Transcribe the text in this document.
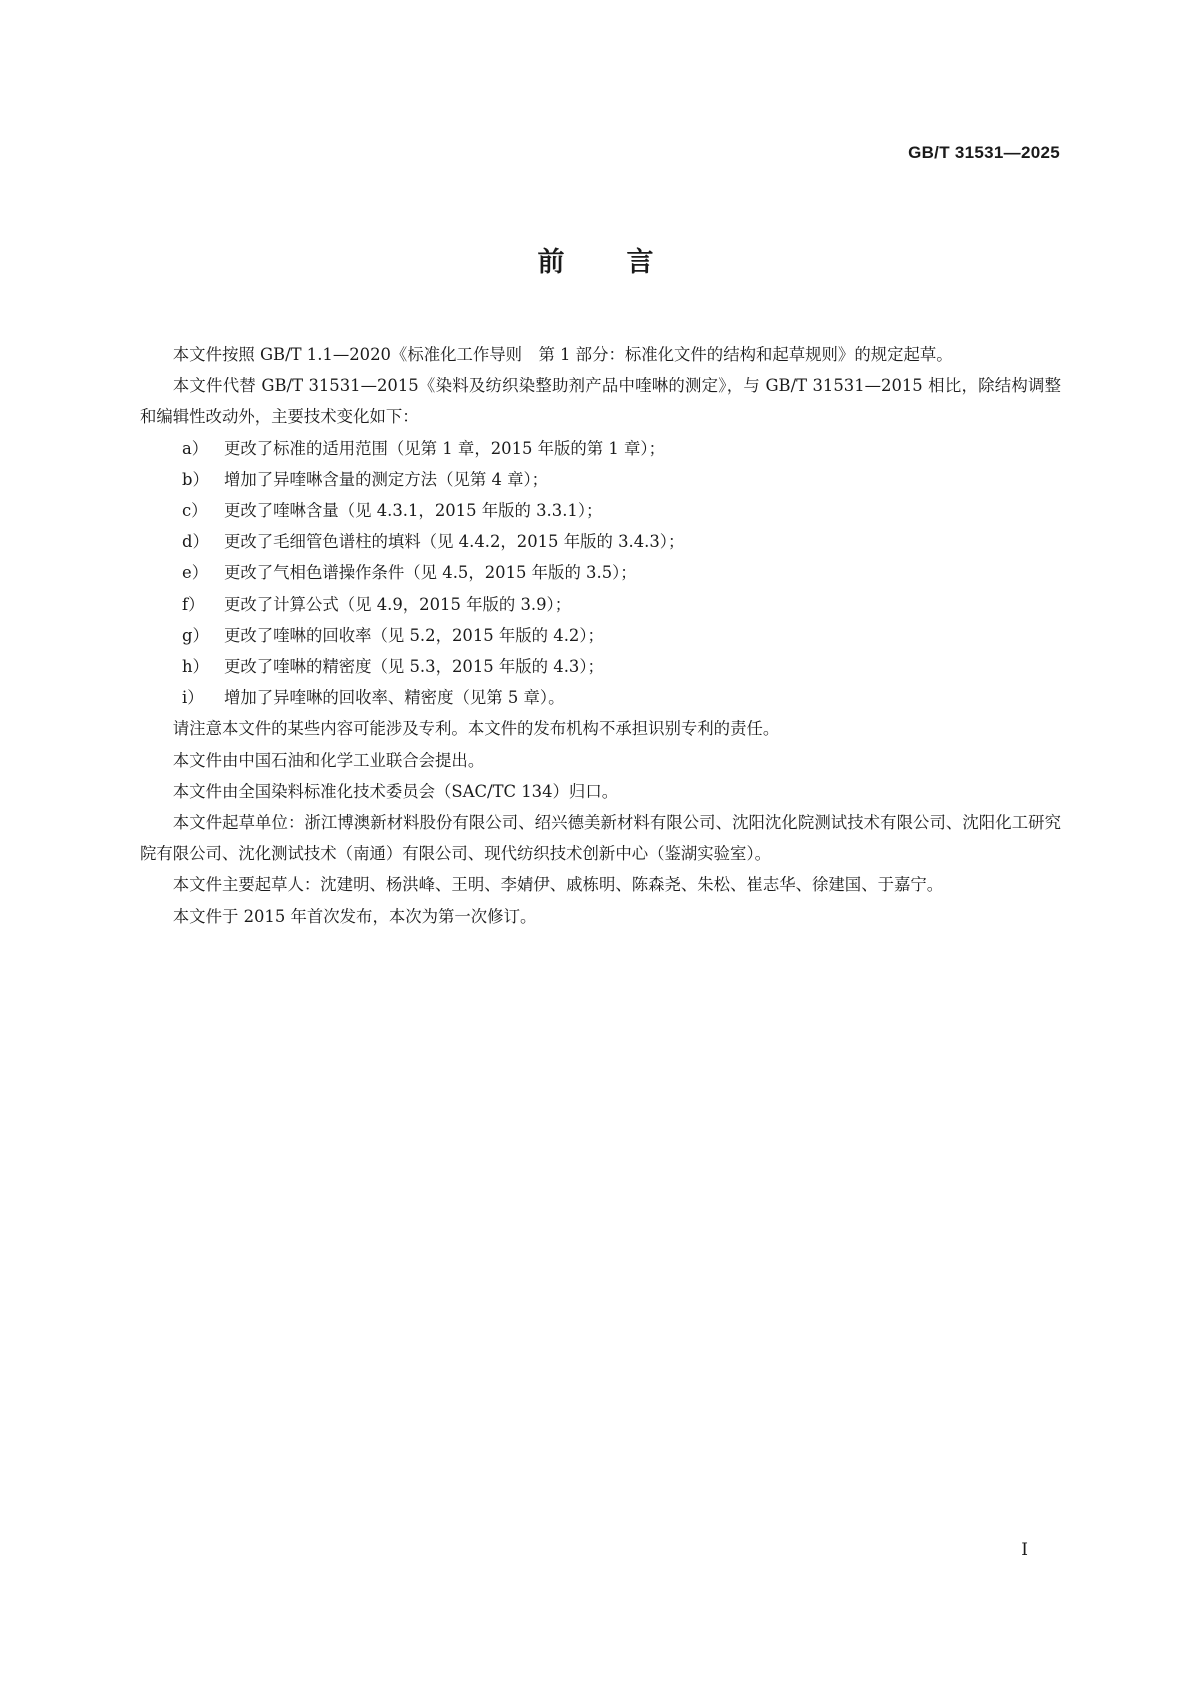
GB/T 31531—2025
前言

本文件按照 GB/T 1.1—2020《标准化工作导则　第 1 部分：标准化文件的结构和起草规则》的规定起草。

本文件代替 GB/T 31531—2015《染料及纺织染整助剂产品中喹啉的测定》，与 GB/T 31531—2015 相比，除结构调整和编辑性改动外，主要技术变化如下：

a） 更改了标准的适用范围（见第 1 章，2015 年版的第 1 章）；
b） 增加了异喹啉含量的测定方法（见第 4 章）；
c）	更改了喹啉含量（见 4.3.1，2015 年版的 3.3.1）；
d） 更改了毛细管色谱柱的填料（见 4.4.2，2015 年版的 3.4.3）；
e） 更改了气相色谱操作条件（见 4.5，2015 年版的 3.5）；
f）	更改了计算公式（见 4.9，2015 年版的 3.9）；
g） 更改了喹啉的回收率（见 5.2，2015 年版的 4.2）；
h） 更改了喹啉的精密度（见 5.3，2015 年版的 4.3）；
i）	增加了异喹啉的回收率、精密度（见第 5 章）。

请注意本文件的某些内容可能涉及专利。本文件的发布机构不承担识别专利的责任。

本文件由中国石油和化学工业联合会提出。

本文件由全国染料标准化技术委员会（SAC/TC 134）归口。

本文件起草单位：浙江博澳新材料股份有限公司、绍兴德美新材料有限公司、沈阳沈化院测试技术有限公司、沈阳化工研究院有限公司、沈化测试技术（南通）有限公司、现代纺织技术创新中心（鉴湖实验室）。

本文件主要起草人：沈建明、杨洪峰、王明、李婧伊、戚栋明、陈森尧、朱松、崔志华、徐建国、于嘉宁。

本文件于 2015 年首次发布，本次为第一次修订。

I
